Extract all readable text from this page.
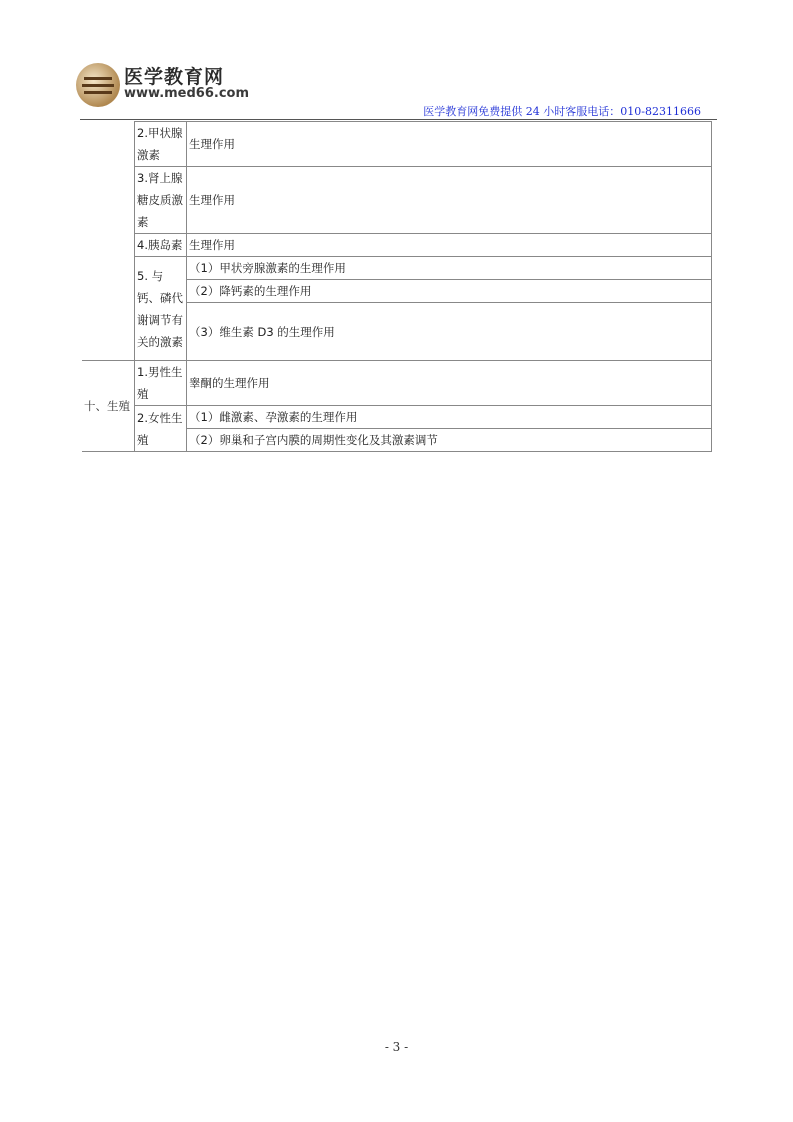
医学教育网
www.med66.com
医学教育网免费提供 24 小时客服电话：010-82311666
	2.甲状腺激素	生理作用
	3.肾上腺糖皮质激素	生理作用
	4.胰岛素	生理作用
	5. 与钙、磷代谢调节有关的激素	（1）甲状旁腺激素的生理作用
		（2）降钙素的生理作用
		（3）维生素 D3 的生理作用
十、生殖	1.男性生殖	睾酮的生理作用
	2.女性生殖	（1）雌激素、孕激素的生理作用
		（2）卵巢和子宫内膜的周期性变化及其激素调节
- 3 -
